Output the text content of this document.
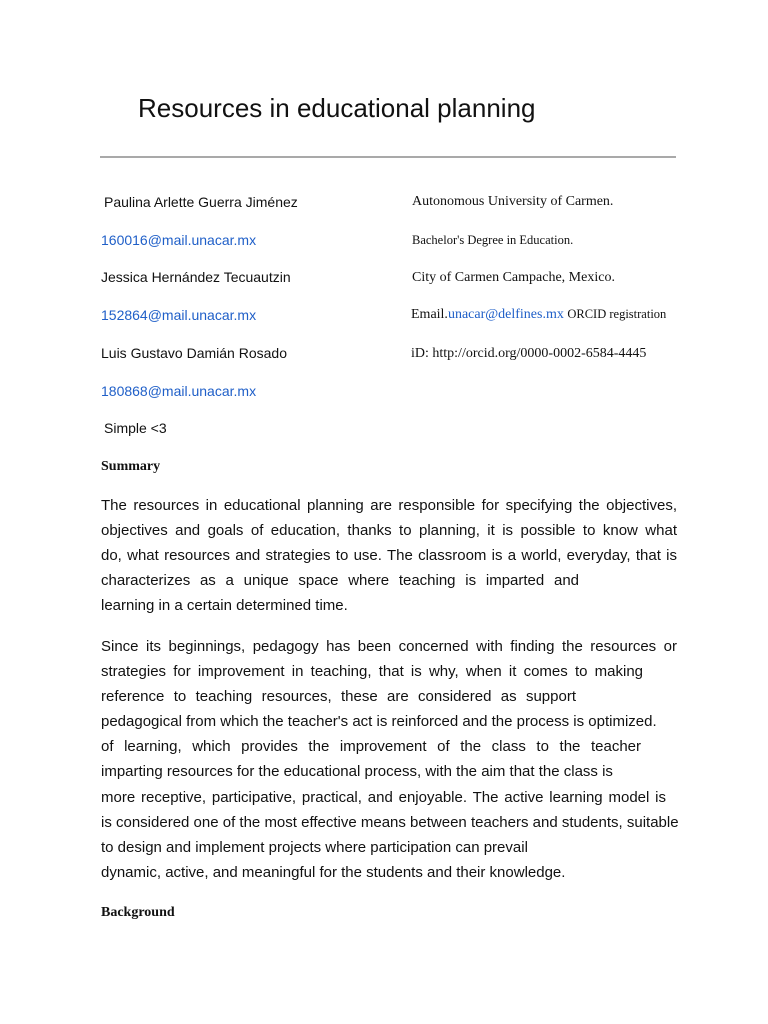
Resources in educational planning
Paulina Arlette Guerra Jiménez
160016@mail.unacar.mx
Jessica Hernández Tecuautzin
152864@mail.unacar.mx
Luis Gustavo Damián Rosado
180868@mail.unacar.mx
Simple <3
Autonomous University of Carmen.
Bachelor's Degree in Education.
City of Carmen Campache, Mexico.
Email.unacar@delfines.mx ORCID registration
iD: http://orcid.org/0000-0002-6584-4445
Summary
The resources in educational planning are responsible for specifying the objectives,
objectives and goals of education, thanks to planning, it is possible to know what
do, what resources and strategies to use. The classroom is a world, everyday, that is
characterizes as a unique space where teaching is imparted and
learning in a certain determined time.
Since its beginnings, pedagogy has been concerned with finding the resources or
strategies for improvement in teaching, that is why, when it comes to making
reference to teaching resources, these are considered as support
pedagogical from which the teacher's act is reinforced and the process is optimized.
of learning, which provides the improvement of the class to the teacher
imparting resources for the educational process, with the aim that the class is
more receptive, participative, practical, and enjoyable. The active learning model is
is considered one of the most effective means between teachers and students, suitable
to design and implement projects where participation can prevail
dynamic, active, and meaningful for the students and their knowledge.
Background
